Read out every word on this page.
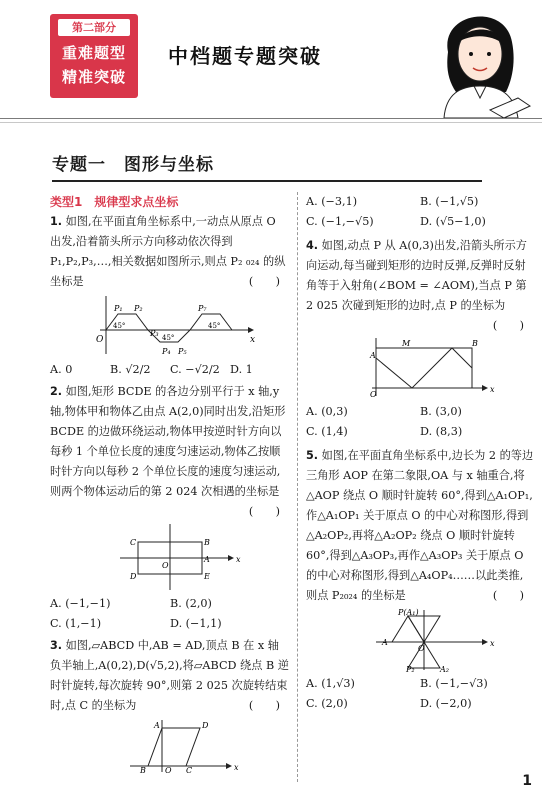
第二部分
重难题型
精准突破
中档题专题突破
专题一　图形与坐标
类型1　规律型求点坐标
1. 如图,在平面直角坐标系中,一动点从原点 O 出发,沿着箭头所示方向移动依次得到 P₁,P₂,P₃,…,相关数据如图所示,则点 P₂ ₀₂₄ 的纵坐标是	(　　)
O	x
P₁ P₂
P₃
P₄ P₅
P₇
45°
45°
45°
A. 0	B. √2/2	C. −√2/2 D. 1
2. 如图,矩形 BCDE 的各边分别平行于 x 轴,y 轴,物体甲和物体乙由点 A(2,0)同时出发,沿矩形 BCDE 的边做环绕运动,物体甲按逆时针方向以每秒 1 个单位长度的速度匀速运动,物体乙按顺时针方向以每秒 2 个单位长度的速度匀速运动,则两个物体运动后的第 2 024 次相遇的坐标是
(　　)
C	B
A
E
D
O
x
A. (−1,−1)	B. (2,0)
C. (1,−1)	D. (−1,1)
3. 如图,▱ABCD 中,AB = AD,顶点 B 在 x 轴负半轴上,A(0,2),D(√5,2),将▱ABCD 绕点 B 逆时针旋转,每次旋转 90°,则第 2 025 次旋转结束时,点 C 的坐标为	(　　)
A	D
B O C	x
A. (−3,1)	B. (−1,√5)
C. (−1,−√5)	D. (√5−1,0)
4. 如图,动点 P 从 A(0,3)出发,沿箭头所示方向运动,每当碰到矩形的边时反弹,反弹时反射角等于入射角(∠BOM = ∠AOM),当点 P 第 2 025 次碰到矩形的边时,点 P 的坐标为
(　　)
A
M	B
O
x
A. (0,3)	B. (3,0)
C. (1,4)	D. (8,3)
5. 如图,在平面直角坐标系中,边长为 2 的等边三角形 AOP 在第二象限,OA 与 x 轴重合,将△AOP 绕点 O 顺时针旋转 60°,得到△A₁OP₁,作△A₁OP₁ 关于原点 O 的中心对称图形,得到△A₂OP₂,再将△A₂OP₂ 绕点 O 顺时针旋转 60°,得到△A₃OP₃,再作△A₃OP₃ 关于原点 O 的中心对称图形,得到△A₄OP₄……以此类推,则点 P₂₀₂₄ 的坐标是	(　　)
A
P(A₁)
O
P₂	A₂
x
A. (1,√3)	B. (−1,−√3)
C. (2,0)	D. (−2,0)
1
